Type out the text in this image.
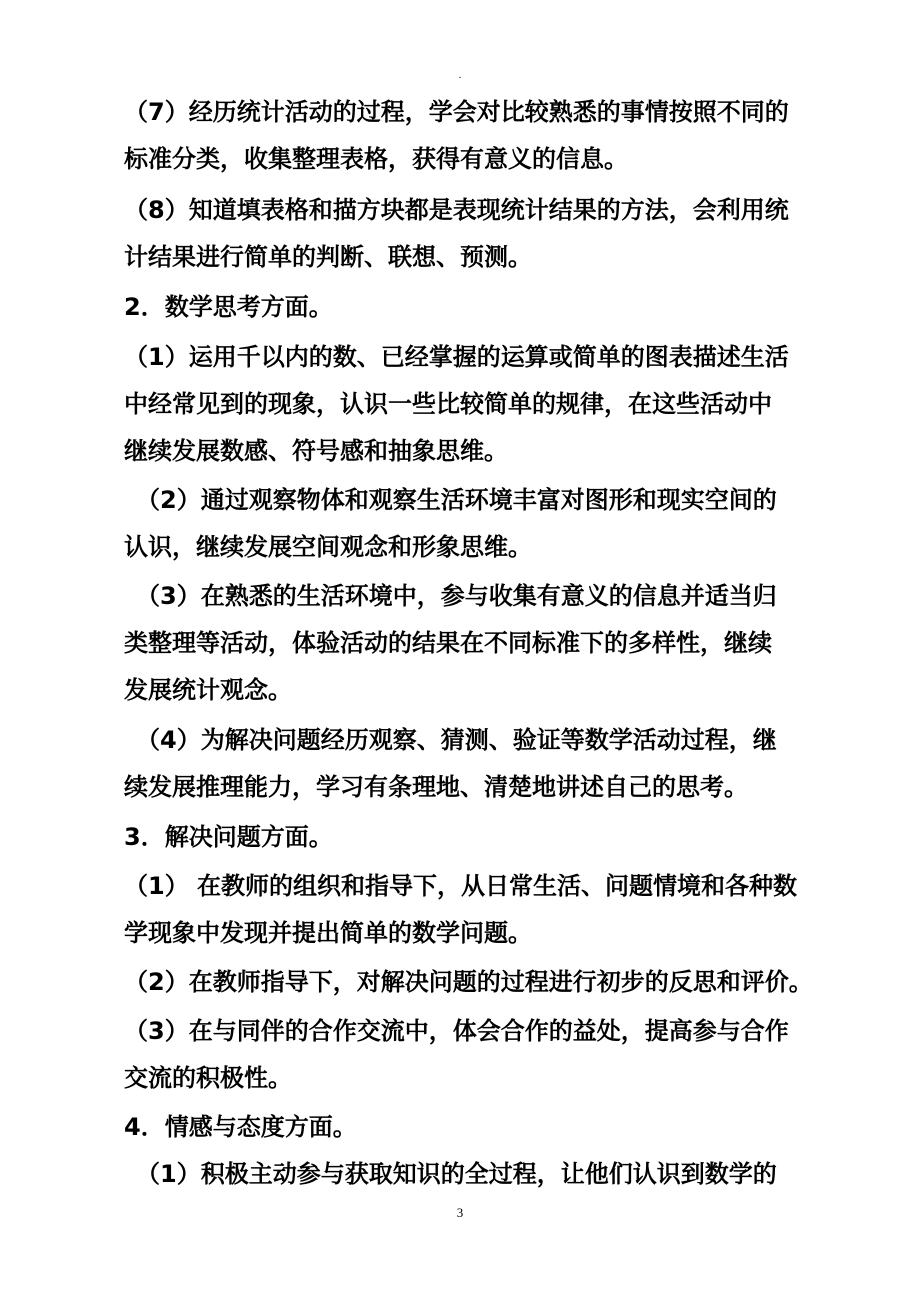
.
（7）经历统计活动的过程，学会对比较熟悉的事情按照不同的
标准分类，收集整理表格，获得有意义的信息。
（8）知道填表格和描方块都是表现统计结果的方法，会利用统
计结果进行简单的判断、联想、预测。
2．数学思考方面。
（1）运用千以内的数、已经掌握的运算或简单的图表描述生活
中经常见到的现象，认识一些比较简单的规律，在这些活动中
继续发展数感、符号感和抽象思维。
（2）通过观察物体和观察生活环境丰富对图形和现实空间的
认识，继续发展空间观念和形象思维。
（3）在熟悉的生活环境中，参与收集有意义的信息并适当归
类整理等活动，体验活动的结果在不同标准下的多样性，继续
发展统计观念。
（4）为解决问题经历观察、猜测、验证等数学活动过程，继
续发展推理能力，学习有条理地、清楚地讲述自己的思考。
3．解决问题方面。
（1） 在教师的组织和指导下，从日常生活、问题情境和各种数
学现象中发现并提出简单的数学问题。
（2）在教师指导下，对解决问题的过程进行初步的反思和评价。
（3）在与同伴的合作交流中，体会合作的益处，提高参与合作
交流的积极性。
4．情感与态度方面。
（1）积极主动参与获取知识的全过程，让他们认识到数学的
3
